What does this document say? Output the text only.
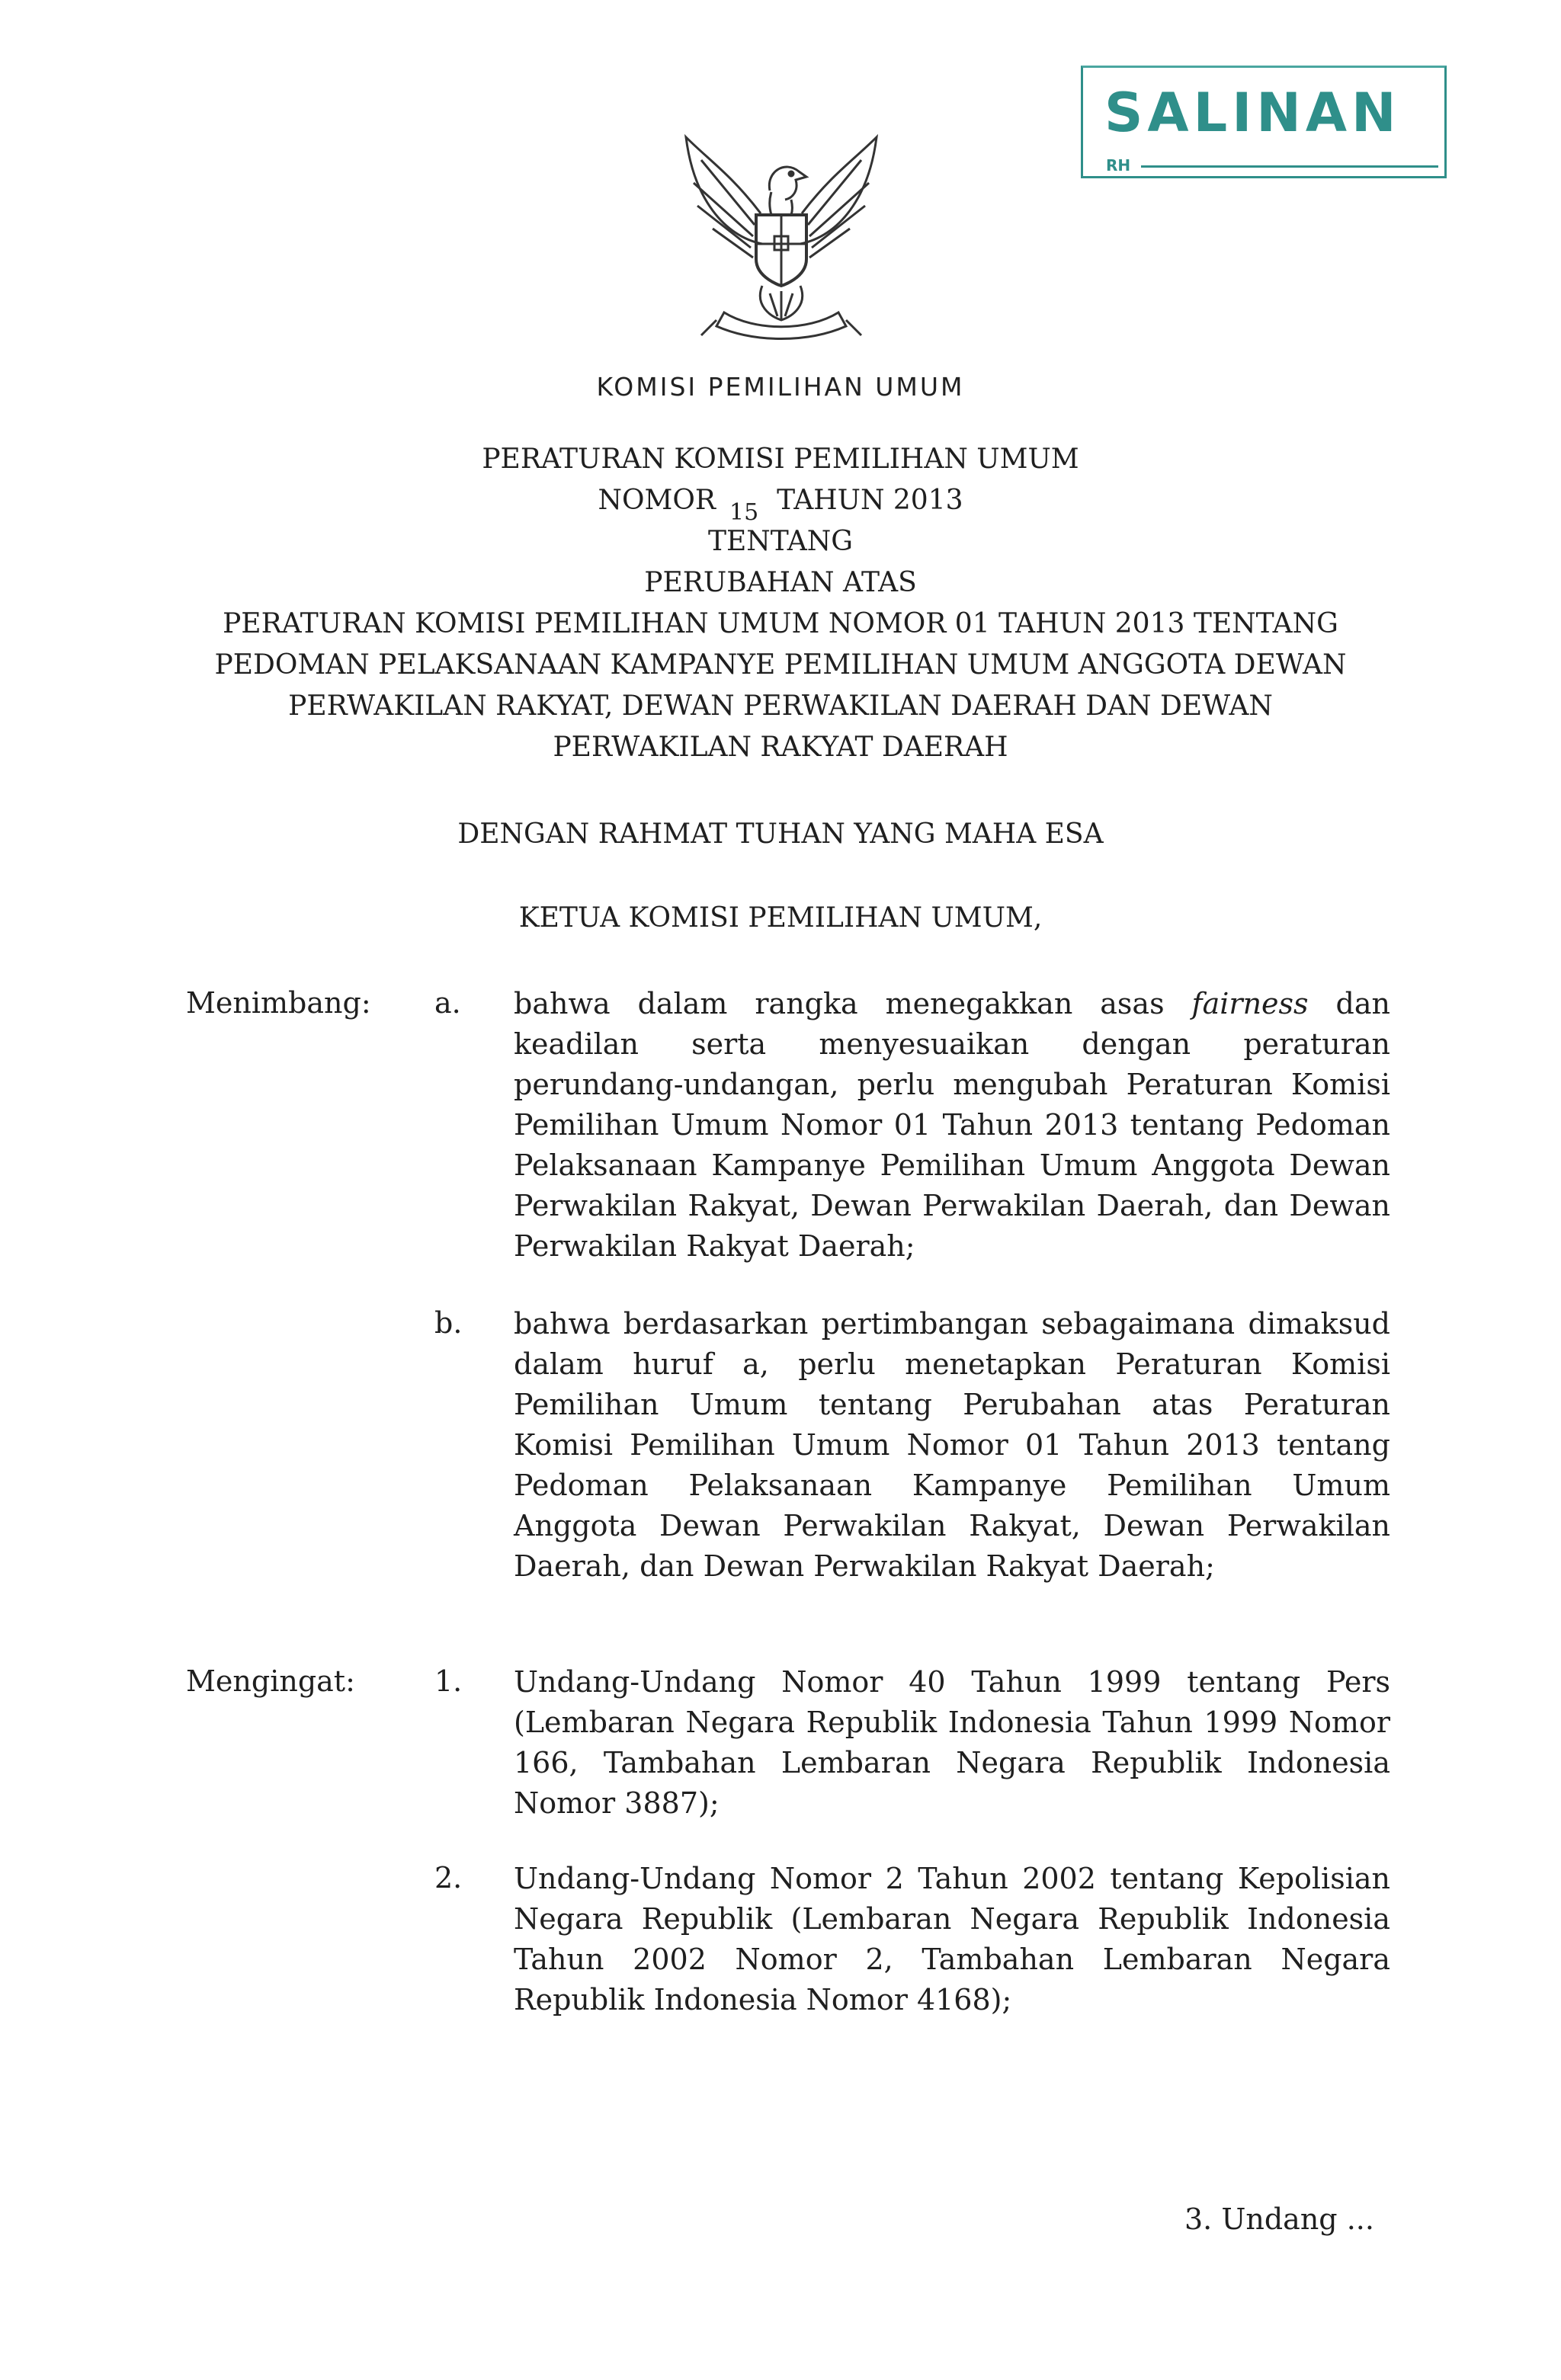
SALINAN
RH
KOMISI PEMILIHAN UMUM
PERATURAN KOMISI PEMILIHAN UMUM
NOMOR $_{15}$ TAHUN 2013
TENTANG
PERUBAHAN ATAS
PERATURAN KOMISI PEMILIHAN UMUM NOMOR 01 TAHUN 2013 TENTANG
PEDOMAN PELAKSANAAN KAMPANYE PEMILIHAN UMUM ANGGOTA DEWAN
PERWAKILAN RAKYAT, DEWAN PERWAKILAN DAERAH DAN DEWAN
PERWAKILAN RAKYAT DAERAH
DENGAN RAHMAT TUHAN YANG MAHA ESA
KETUA KOMISI PEMILIHAN UMUM,
Menimbang: a. bahwa dalam rangka menegakkan asas fairness dan keadilan serta menyesuaikan dengan peraturan perundang-undangan, perlu mengubah Peraturan Komisi Pemilihan Umum Nomor 01 Tahun 2013 tentang Pedoman Pelaksanaan Kampanye Pemilihan Umum Anggota Dewan Perwakilan Rakyat, Dewan Perwakilan Daerah, dan Dewan Perwakilan Rakyat Daerah;
b. bahwa berdasarkan pertimbangan sebagaimana dimaksud dalam huruf a, perlu menetapkan Peraturan Komisi Pemilihan Umum tentang Perubahan atas Peraturan Komisi Pemilihan Umum Nomor 01 Tahun 2013 tentang Pedoman Pelaksanaan Kampanye Pemilihan Umum Anggota Dewan Perwakilan Rakyat, Dewan Perwakilan Daerah, dan Dewan Perwakilan Rakyat Daerah;
Mengingat:	1. Undang-Undang Nomor 40 Tahun 1999 tentang Pers (Lembaran Negara Republik Indonesia Tahun 1999 Nomor 166, Tambahan Lembaran Negara Republik Indonesia Nomor 3887);
2. Undang-Undang Nomor 2 Tahun 2002 tentang Kepolisian Negara Republik (Lembaran Negara Republik Indonesia Tahun 2002 Nomor 2, Tambahan Lembaran Negara Republik Indonesia Nomor 4168);
3. Undang ...
